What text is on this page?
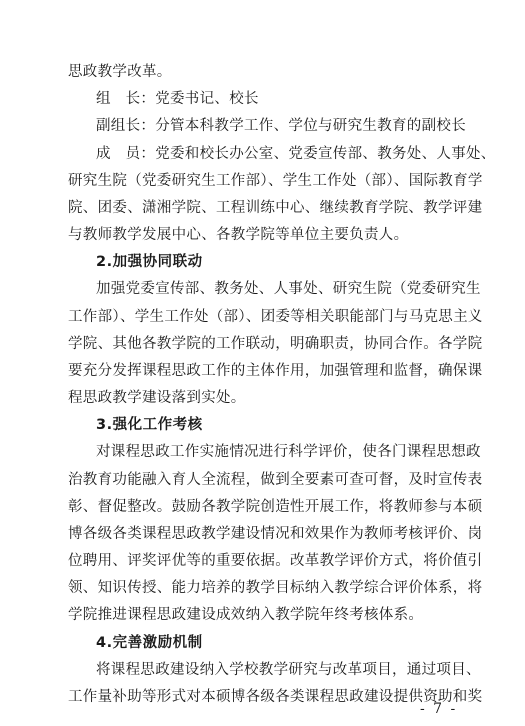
思政教学改革。
组　长：党委书记、校长
副组长：分管本科教学工作、学位与研究生教育的副校长
成　员：党委和校长办公室、党委宣传部、教务处、人事处、
研究生院（党委研究生工作部）、学生工作处（部）、国际教育学
院、团委、潇湘学院、工程训练中心、继续教育学院、教学评建
与教师教学发展中心、各教学院等单位主要负责人。
2.加强协同联动
加强党委宣传部、教务处、人事处、研究生院（党委研究生
工作部）、学生工作处（部）、团委等相关职能部门与马克思主义
学院、其他各教学院的工作联动，明确职责，协同合作。各学院
要充分发挥课程思政工作的主体作用，加强管理和监督，确保课
程思政教学建设落到实处。
3.强化工作考核
对课程思政工作实施情况进行科学评价，使各门课程思想政
治教育功能融入育人全流程，做到全要素可查可督，及时宣传表
彰、督促整改。鼓励各教学院创造性开展工作，将教师参与本硕
博各级各类课程思政教学建设情况和效果作为教师考核评价、岗
位聘用、评奖评优等的重要依据。改革教学评价方式，将价值引
领、知识传授、能力培养的教学目标纳入教学综合评价体系，将
学院推进课程思政建设成效纳入教学院年终考核体系。
4.完善激励机制
将课程思政建设纳入学校教学研究与改革项目，通过项目、
工作量补助等形式对本硕博各级各类课程思政建设提供资助和奖
- 7 -
